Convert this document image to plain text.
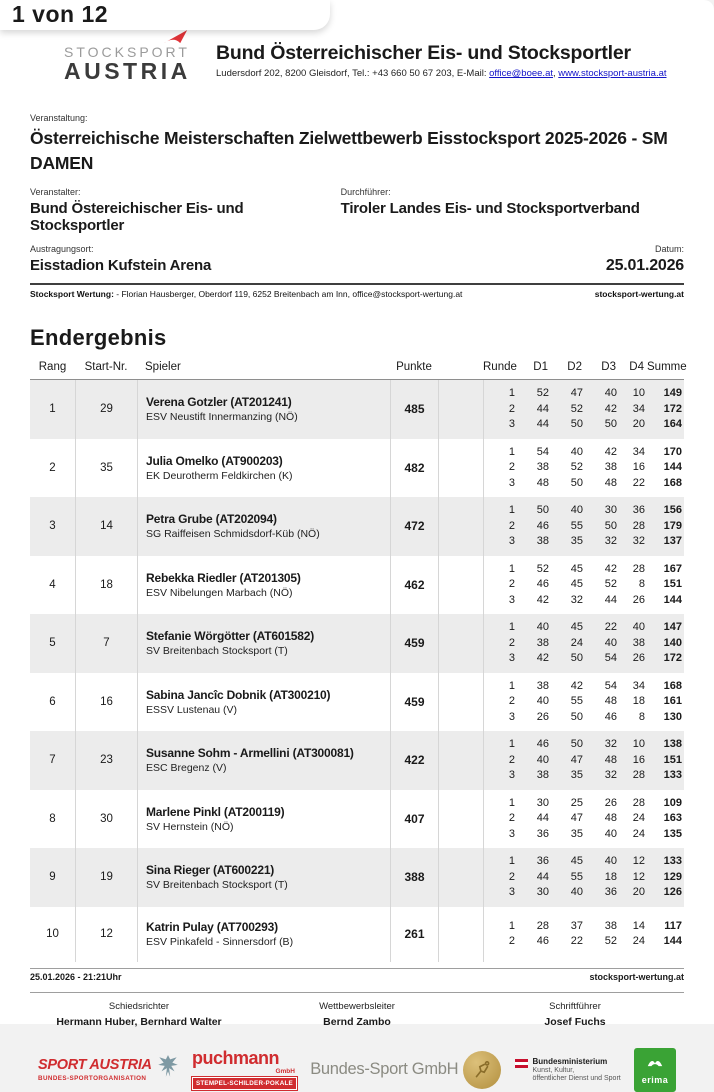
1 von 12
STOCKSPORT
AUSTRIA
Bund Österreichischer Eis- und Stocksportler
Ludersdorf 202, 8200 Gleisdorf, Tel.: +43 660 50 67 203, E-Mail: office@boee.at, www.stocksport-austria.at
Veranstaltung:
Österreichische Meisterschaften Zielwettbewerb Eisstocksport 2025-2026 - SM DAMEN
Veranstalter:
Bund Östereichischer Eis- und Stocksportler
Durchführer:
Tiroler Landes Eis- und Stocksportverband
Austragungsort:
Eisstadion Kufstein Arena
Datum:
25.01.2026
Stocksport Wertung: - Florian Hausberger, Oberdorf 119, 6252 Breitenbach am Inn, office@stocksport-wertung.at	stocksport-wertung.at
Endergebnis
Rang	Start-Nr.	Spieler	Punkte	Runde	D1	D2	D3	D4 Summe
1	29	Verena Gotzler (AT201241)
ESV Neustift Innermanzing (NÖ)
485
1	52	47	40	10	149
2	44	52	42	34	172
3	44	50	50	20	164
2	35	Julia Omelko (AT900203)
EK Deurotherm Feldkirchen (K)
482
1	54	40	42	34	170
2	38	52	38	16	144
3	48	50	48	22	168
3	14	Petra Grube (AT202094)
SG Raiffeisen Schmidsdorf-Küb (NÖ)
472
1	50	40	30	36	156
2	46	55	50	28	179
3	38	35	32	32	137
4	18	Rebekka Riedler (AT201305)
ESV Nibelungen Marbach (NÖ)
462
1	52	45	42	28	167
2	46	45	52	8	151
3	42	32	44	26	144
5	7	Stefanie Wörgötter (AT601582)
SV Breitenbach Stocksport (T)
459
1	40	45	22	40	147
2	38	24	40	38	140
3	42	50	54	26	172
6	16	Sabina Jancîc Dobnik (AT300210)
ESSV Lustenau (V)
459
1	38	42	54	34	168
2	40	55	48	18	161
3	26	50	46	8	130
7	23	Susanne Sohm - Armellini (AT300081)
ESC Bregenz (V)
422
1	46	50	32	10	138
2	40	47	48	16	151
3	38	35	32	28	133
8	30	Marlene Pinkl (AT200119)
SV Hernstein (NÖ)
407
1	30	25	26	28	109
2	44	47	48	24	163
3	36	35	40	24	135
9	19	Sina Rieger (AT600221)
SV Breitenbach Stocksport (T)
388
1	36	45	40	12	133
2	44	55	18	12	129
3	30	40	36	20	126
10	12	Katrin Pulay (AT700293)
ESV Pinkafeld - Sinnersdorf (B)
261
1	28	37	38	14	117
2	46	22	52	24	144
25.01.2026 - 21:21Uhr	stocksport-wertung.at
Schiedsrichter
Hermann Huber, Bernhard Walter
Wettbewerbsleiter
Bernd Zambo
Schriftführer
Josef Fuchs
SPORT AUSTRIA
BUNDES-SPORTORGANISATION
puchmann
GmbH
STEMPEL-SCHILDER-POKALE
Bundes-Sport GmbH	Bundesministerium
Kunst, Kultur,
öffentlicher Dienst und Sport erima
